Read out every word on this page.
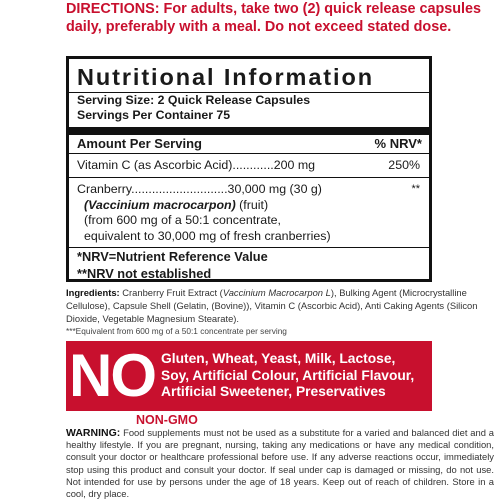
DIRECTIONS: For adults, take two (2) quick release capsules daily, preferably with a meal. Do not exceed stated dose.
Nutritional Information
Serving Size: 2 Quick Release Capsules
Servings Per Container 75
Amount Per Serving	% NRV*
Vitamin C (as Ascorbic Acid)............200 mg	250%
Cranberry............................30,000 mg (30 g)	**
(Vaccinium macrocarpon) (fruit)
(from 600 mg of a 50:1 concentrate,
equivalent to 30,000 mg of fresh cranberries)
*NRV=Nutrient Reference Value
**NRV not established
Ingredients: Cranberry Fruit Extract (Vaccinium Macrocarpon L), Bulking Agent (Microcrystalline Cellulose), Capsule Shell (Gelatin, (Bovine)), Vitamin C (Ascorbic Acid), Anti Caking Agents (Silicon Dioxide, Vegetable Magnesium Stearate).
***Equivalent from 600 mg of a 50:1 concentrate per serving
NO Gluten, Wheat, Yeast, Milk, Lactose,
Soy, Artificial Colour, Artificial Flavour,
Artificial Sweetener, Preservatives
NON-GMO
WARNING: Food supplements must not be used as a substitute for a varied and balanced diet and a healthy lifestyle. If you are pregnant, nursing, taking any medications or have any medical condition, consult your doctor or healthcare professional before use. If any adverse reactions occur, immediately stop using this product and consult your doctor. If seal under cap is damaged or missing, do not use. Not intended for use by persons under the age of 18 years. Keep out of reach of children. Store in a cool, dry place.
